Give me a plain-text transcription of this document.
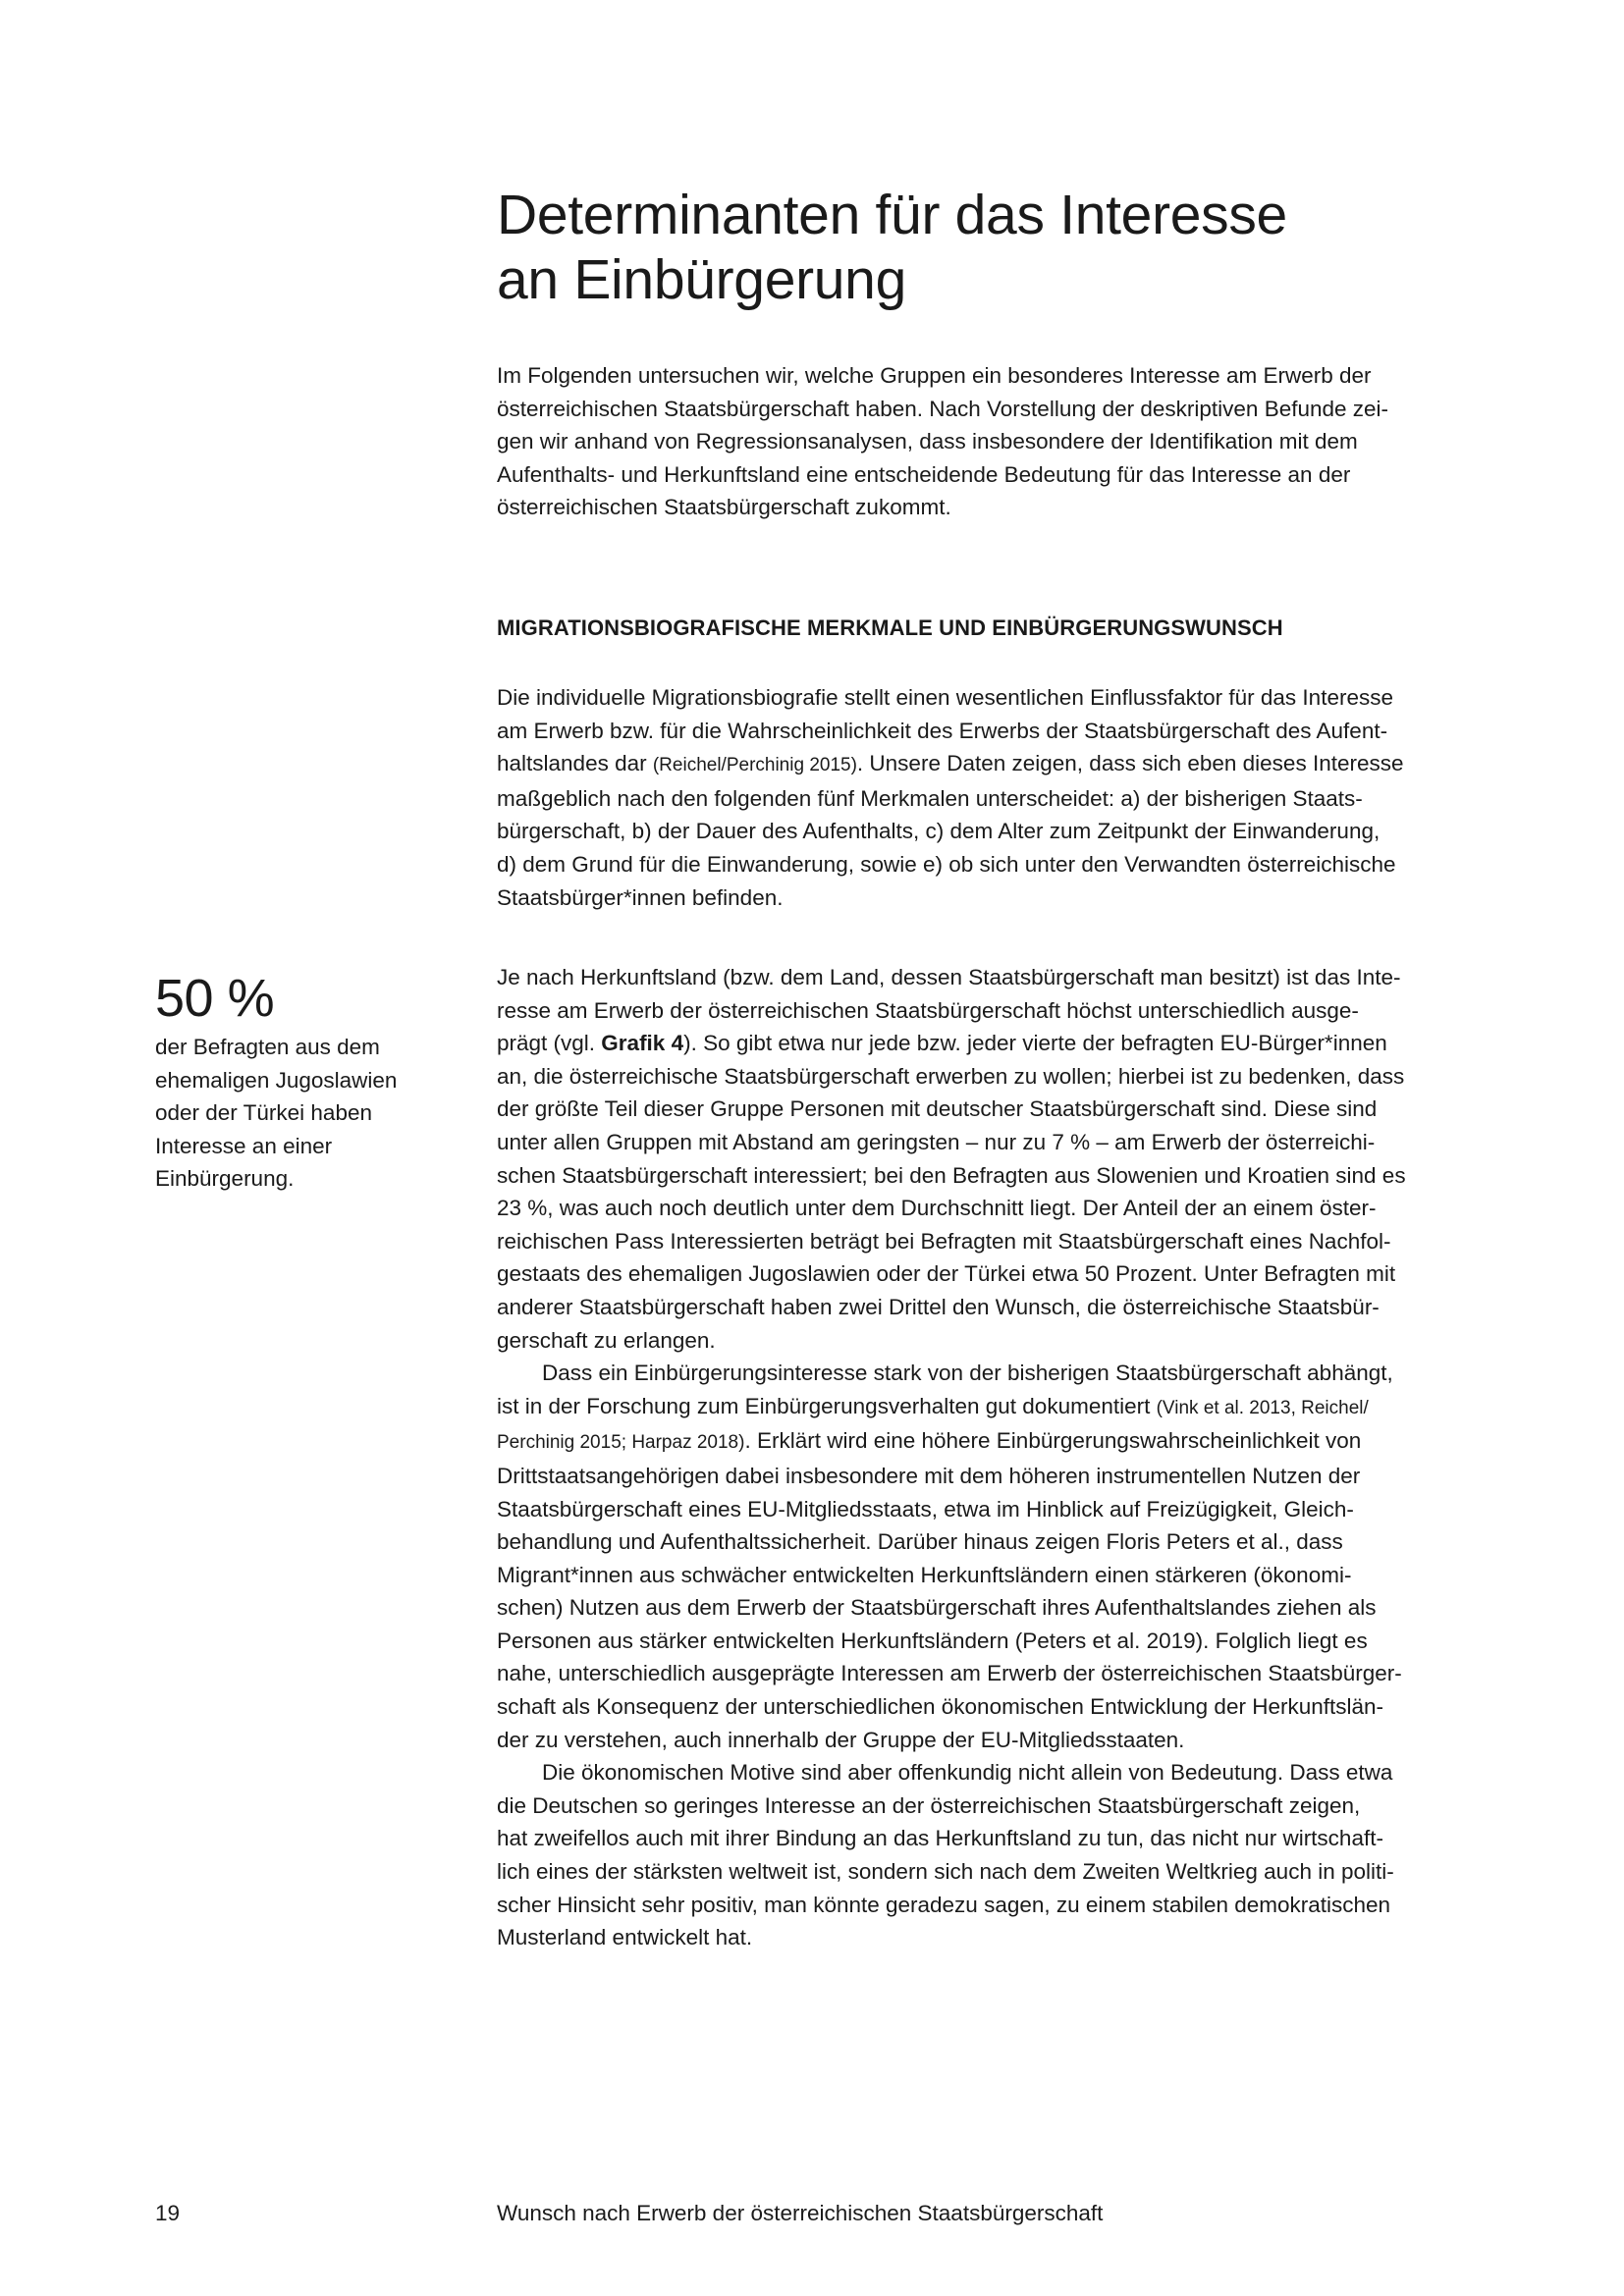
Determinanten für das Interesse
an Einbürgerung

Im Folgenden untersuchen wir, welche Gruppen ein besonderes Interesse am Erwerb der
österreichischen Staatsbürgerschaft haben. Nach Vorstellung der deskriptiven Befunde zei-
gen wir anhand von Regressionsanalysen, dass insbesondere der Identifikation mit dem
Aufenthalts- und Herkunftsland eine entscheidende Bedeutung für das Interesse an der
österreichischen Staatsbürgerschaft zukommt.

MIGRATIONSBIOGRAFISCHE MERKMALE UND EINBÜRGERUNGSWUNSCH

Die individuelle Migrationsbiografie stellt einen wesentlichen Einflussfaktor für das Interesse
am Erwerb bzw. für die Wahrscheinlichkeit des Erwerbs der Staatsbürgerschaft des Aufent-
haltslandes dar (Reichel/Perchinig 2015). Unsere Daten zeigen, dass sich eben dieses Interesse
maßgeblich nach den folgenden fünf Merkmalen unterscheidet: a) der bisherigen Staats-
bürgerschaft, b) der Dauer des Aufenthalts, c) dem Alter zum Zeitpunkt der Einwanderung,
d) dem Grund für die Einwanderung, sowie e) ob sich unter den Verwandten österreichische
Staatsbürger*innen befinden.

50 %
der Befragten aus dem
ehemaligen Jugoslawien
oder der Türkei haben
Interesse an einer
Einbürgerung.

Je nach Herkunftsland (bzw. dem Land, dessen Staatsbürgerschaft man besitzt) ist das Inte-
resse am Erwerb der österreichischen Staatsbürgerschaft höchst unterschiedlich ausge-
prägt (vgl. Grafik 4). So gibt etwa nur jede bzw. jeder vierte der befragten EU-Bürger*innen
an, die österreichische Staatsbürgerschaft erwerben zu wollen; hierbei ist zu bedenken, dass
der größte Teil dieser Gruppe Personen mit deutscher Staatsbürgerschaft sind. Diese sind
unter allen Gruppen mit Abstand am geringsten – nur zu 7 % – am Erwerb der österreichi-
schen Staatsbürgerschaft interessiert; bei den Befragten aus Slowenien und Kroatien sind es
23 %, was auch noch deutlich unter dem Durchschnitt liegt. Der Anteil der an einem öster-
reichischen Pass Interessierten beträgt bei Befragten mit Staatsbürgerschaft eines Nachfol-
gestaats des ehemaligen Jugoslawien oder der Türkei etwa 50 Prozent. Unter Befragten mit
anderer Staatsbürgerschaft haben zwei Drittel den Wunsch, die österreichische Staatsbür-
gerschaft zu erlangen.

Dass ein Einbürgerungsinteresse stark von der bisherigen Staatsbürgerschaft abhängt,
ist in der Forschung zum Einbürgerungsverhalten gut dokumentiert (Vink et al. 2013, Reichel/
Perchinig 2015; Harpaz 2018). Erklärt wird eine höhere Einbürgerungswahrscheinlichkeit von
Drittstaatsangehörigen dabei insbesondere mit dem höheren instrumentellen Nutzen der
Staatsbürgerschaft eines EU-Mitgliedsstaats, etwa im Hinblick auf Freizügigkeit, Gleich-
behandlung und Aufenthaltssicherheit. Darüber hinaus zeigen Floris Peters et al., dass
Migrant*innen aus schwächer entwickelten Herkunftsländern einen stärkeren (ökonomi-
schen) Nutzen aus dem Erwerb der Staatsbürgerschaft ihres Aufenthaltslandes ziehen als
Personen aus stärker entwickelten Herkunftsländern (Peters et al. 2019). Folglich liegt es
nahe, unterschiedlich ausgeprägte Interessen am Erwerb der österreichischen Staatsbürger-
schaft als Konsequenz der unterschiedlichen ökonomischen Entwicklung der Herkunftslän-
der zu verstehen, auch innerhalb der Gruppe der EU-Mitgliedsstaaten.

Die ökonomischen Motive sind aber offenkundig nicht allein von Bedeutung. Dass etwa
die Deutschen so geringes Interesse an der österreichischen Staatsbürgerschaft zeigen,
hat zweifellos auch mit ihrer Bindung an das Herkunftsland zu tun, das nicht nur wirtschaft-
lich eines der stärksten weltweit ist, sondern sich nach dem Zweiten Weltkrieg auch in politi-
scher Hinsicht sehr positiv, man könnte geradezu sagen, zu einem stabilen demokratischen
Musterland entwickelt hat.

19	Wunsch nach Erwerb der österreichischen Staatsbürgerschaft
